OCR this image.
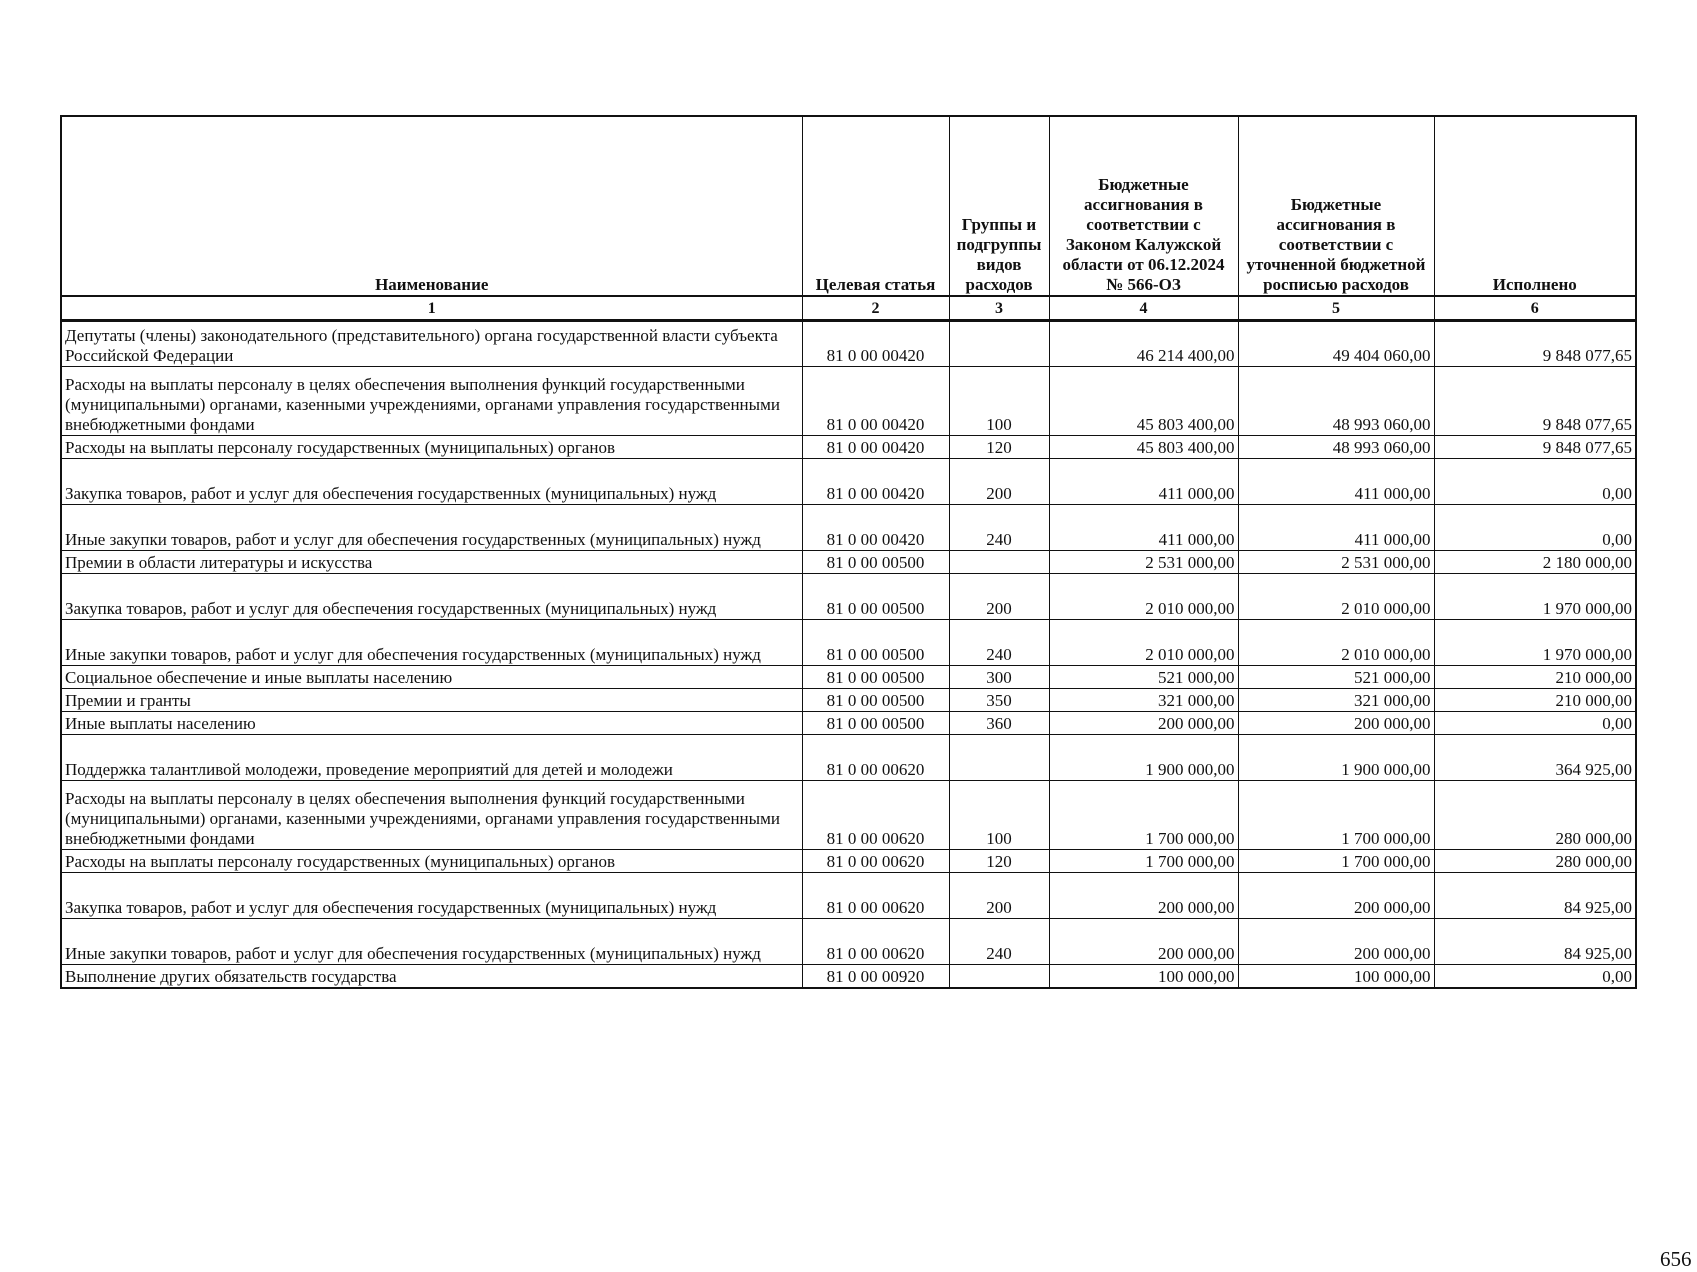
Наименование	Целевая статья	Группы и подгруппы видов расходов	Бюджетные ассигнования в соответствии с Законом Калужской области от 06.12.2024 № 566-ОЗ	Бюджетные ассигнования в соответствии с уточненной бюджетной росписью расходов	Исполнено
1	2	3	4	5	6
Депутаты (члены) законодательного (представительного) органа государственной власти субъекта Российской Федерации	81 0 00 00420		46 214 400,00	49 404 060,00	9 848 077,65
Расходы на выплаты персоналу в целях обеспечения выполнения функций государственными (муниципальными) органами, казенными учреждениями, органами управления государственными внебюджетными фондами	81 0 00 00420	100	45 803 400,00	48 993 060,00	9 848 077,65
Расходы на выплаты персоналу государственных (муниципальных) органов	81 0 00 00420	120	45 803 400,00	48 993 060,00	9 848 077,65
Закупка товаров, работ и услуг для обеспечения государственных (муниципальных) нужд	81 0 00 00420	200	411 000,00	411 000,00	0,00
Иные закупки товаров, работ и услуг для обеспечения государственных (муниципальных) нужд	81 0 00 00420	240	411 000,00	411 000,00	0,00
Премии в области литературы и искусства	81 0 00 00500		2 531 000,00	2 531 000,00	2 180 000,00
Закупка товаров, работ и услуг для обеспечения государственных (муниципальных) нужд	81 0 00 00500	200	2 010 000,00	2 010 000,00	1 970 000,00
Иные закупки товаров, работ и услуг для обеспечения государственных (муниципальных) нужд	81 0 00 00500	240	2 010 000,00	2 010 000,00	1 970 000,00
Социальное обеспечение и иные выплаты населению	81 0 00 00500	300	521 000,00	521 000,00	210 000,00
Премии и гранты	81 0 00 00500	350	321 000,00	321 000,00	210 000,00
Иные выплаты населению	81 0 00 00500	360	200 000,00	200 000,00	0,00
Поддержка талантливой молодежи, проведение мероприятий для детей и молодежи	81 0 00 00620		1 900 000,00	1 900 000,00	364 925,00
Расходы на выплаты персоналу в целях обеспечения выполнения функций государственными (муниципальными) органами, казенными учреждениями, органами управления государственными внебюджетными фондами	81 0 00 00620	100	1 700 000,00	1 700 000,00	280 000,00
Расходы на выплаты персоналу государственных (муниципальных) органов	81 0 00 00620	120	1 700 000,00	1 700 000,00	280 000,00
Закупка товаров, работ и услуг для обеспечения государственных (муниципальных) нужд	81 0 00 00620	200	200 000,00	200 000,00	84 925,00
Иные закупки товаров, работ и услуг для обеспечения государственных (муниципальных) нужд	81 0 00 00620	240	200 000,00	200 000,00	84 925,00
Выполнение других обязательств государства	81 0 00 00920		100 000,00	100 000,00	0,00
656
